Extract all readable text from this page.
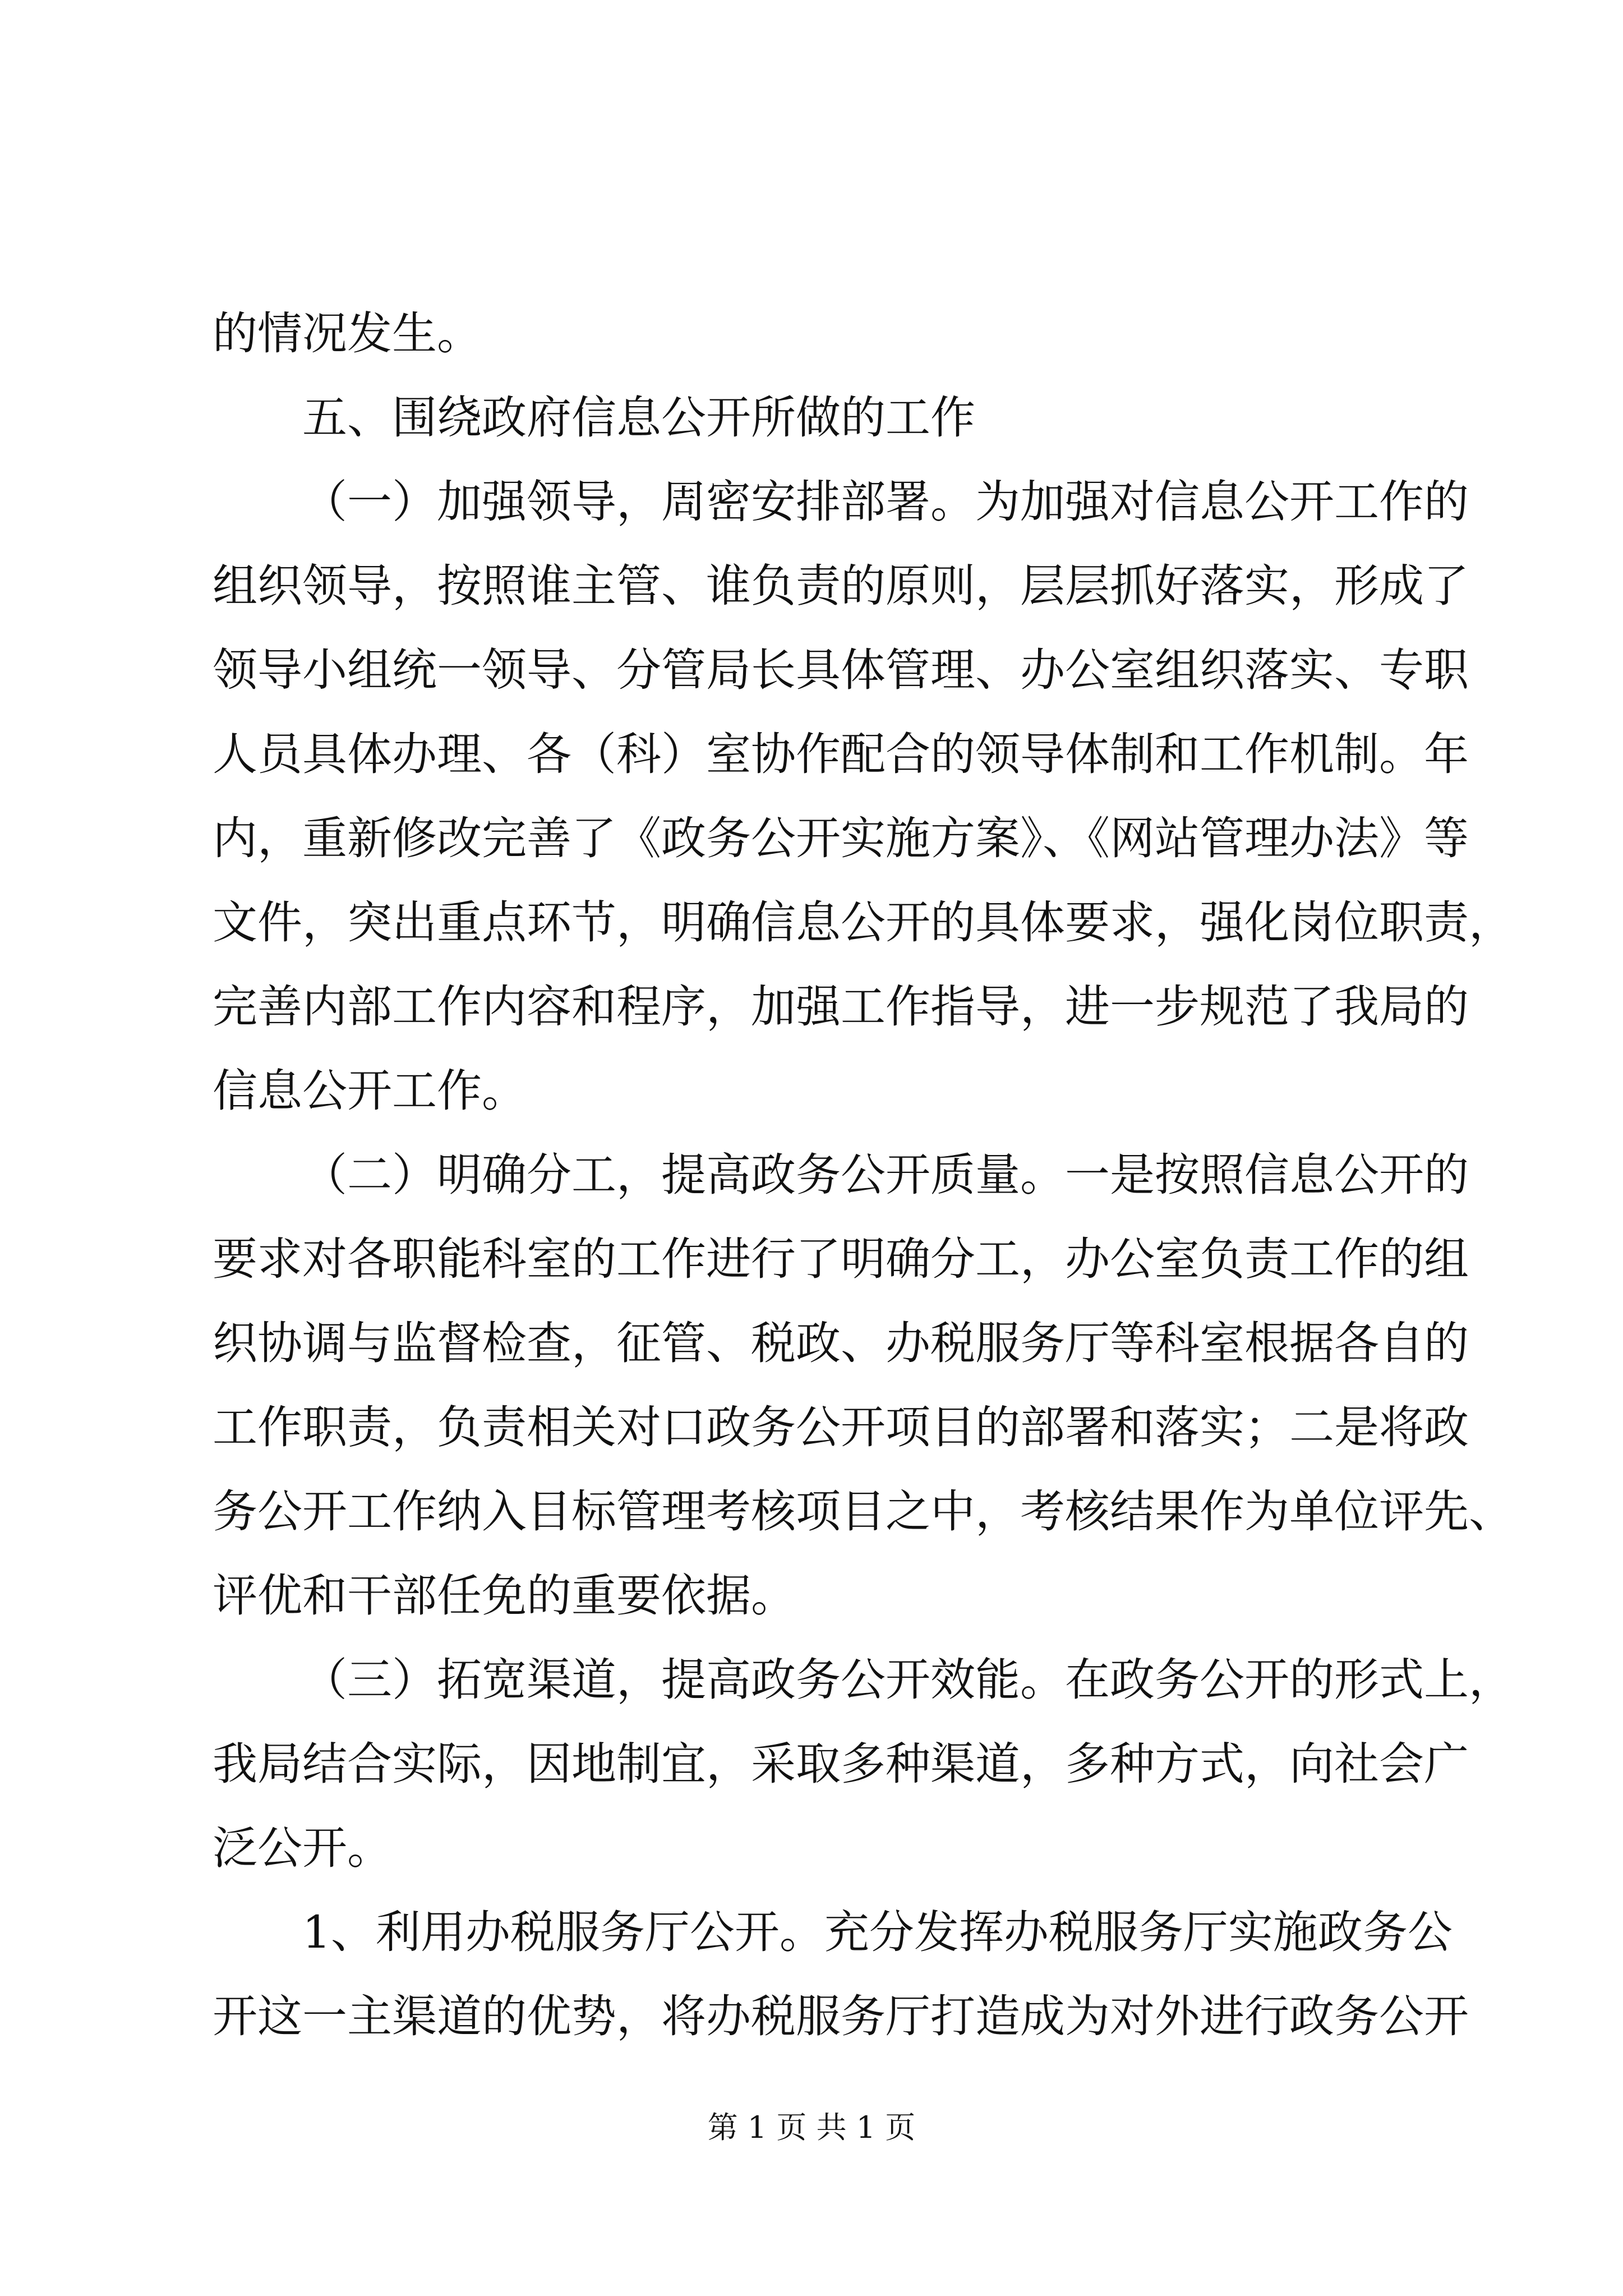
的情况发生。

五、围绕政府信息公开所做的工作

（一）加强领导，周密安排部署。为加强对信息公开工作的

组织领导，按照谁主管、谁负责的原则，层层抓好落实，形成了

领导小组统一领导、分管局长具体管理、办公室组织落实、专职

人员具体办理、各（科）室协作配合的领导体制和工作机制。年

内，重新修改完善了《政务公开实施方案》、《网站管理办法》等

文件，突出重点环节，明确信息公开的具体要求，强化岗位职责，

完善内部工作内容和程序，加强工作指导，进一步规范了我局的

信息公开工作。

（二）明确分工，提高政务公开质量。一是按照信息公开的

要求对各职能科室的工作进行了明确分工，办公室负责工作的组

织协调与监督检查，征管、税政、办税服务厅等科室根据各自的

工作职责，负责相关对口政务公开项目的部署和落实；二是将政

务公开工作纳入目标管理考核项目之中，考核结果作为单位评先、

评优和干部任免的重要依据。

（三）拓宽渠道，提高政务公开效能。在政务公开的形式上，

我局结合实际，因地制宜，采取多种渠道，多种方式，向社会广

泛公开。

1、利用办税服务厅公开。充分发挥办税服务厅实施政务公

开这一主渠道的优势，将办税服务厅打造成为对外进行政务公开

第 1 页 共 1 页
